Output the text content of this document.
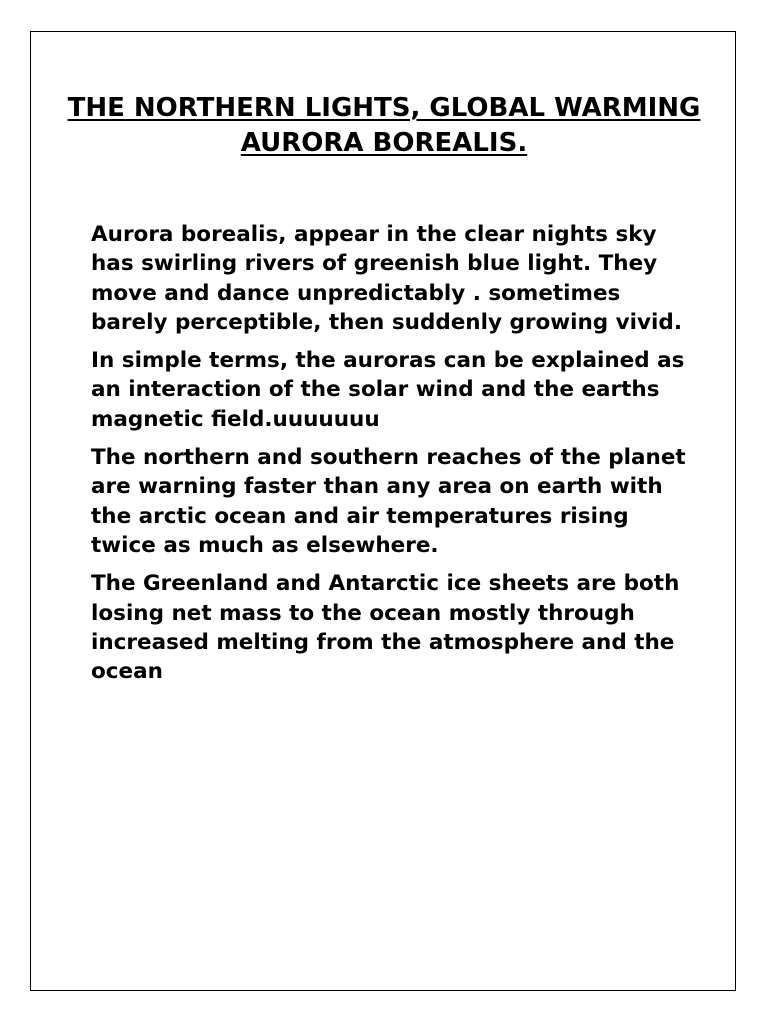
THE NORTHERN LIGHTS, GLOBAL WARMING AURORA BOREALIS.

Aurora borealis, appear in the clear nights sky has swirling rivers of greenish blue light. They move and dance unpredictably . sometimes barely perceptible, then suddenly growing vivid.

In simple terms, the auroras can be explained as an interaction of the solar wind and the earths magnetic field.uuuuuuu

The northern and southern reaches of the planet are warning faster than any area on earth with the arctic ocean and air temperatures rising twice as much as elsewhere.

The Greenland and Antarctic ice sheets are both losing net mass to the ocean mostly through increased melting from the atmosphere and the ocean
